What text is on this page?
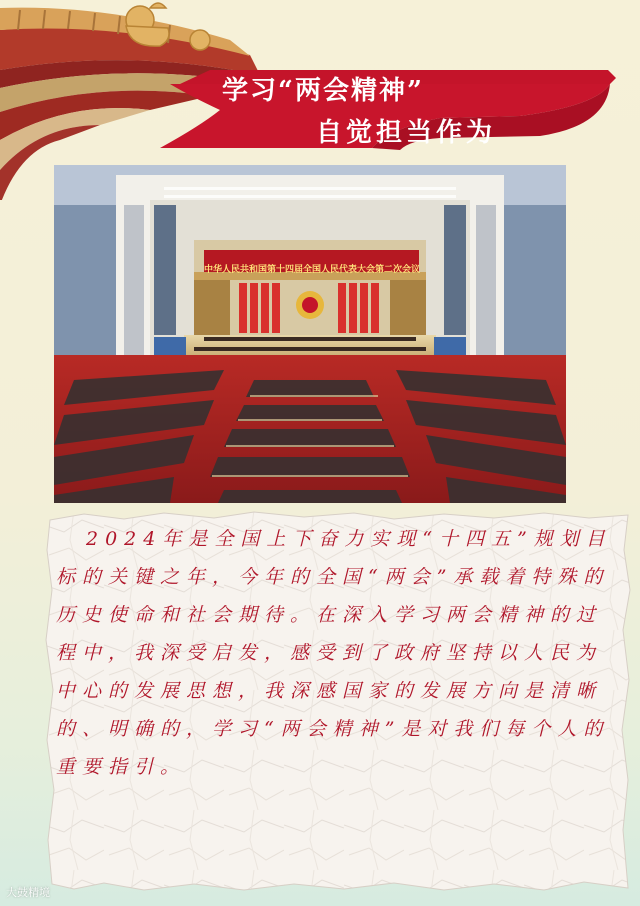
学习“两会精神”
自觉担当作为
中华人民共和国第十四届全国人民代表大会第二次会议
2024年是全国上下奋力实现“十四五”规划目标的关键之年，今年的全国“两会”承载着特殊的历史使命和社会期待。在深入学习两会精神的过程中，我深受启发，感受到了政府坚持以人民为中心的发展思想，我深感国家的发展方向是清晰的、明确的，学习“两会精神”是对我们每个人的重要指引。
大鼓精境
